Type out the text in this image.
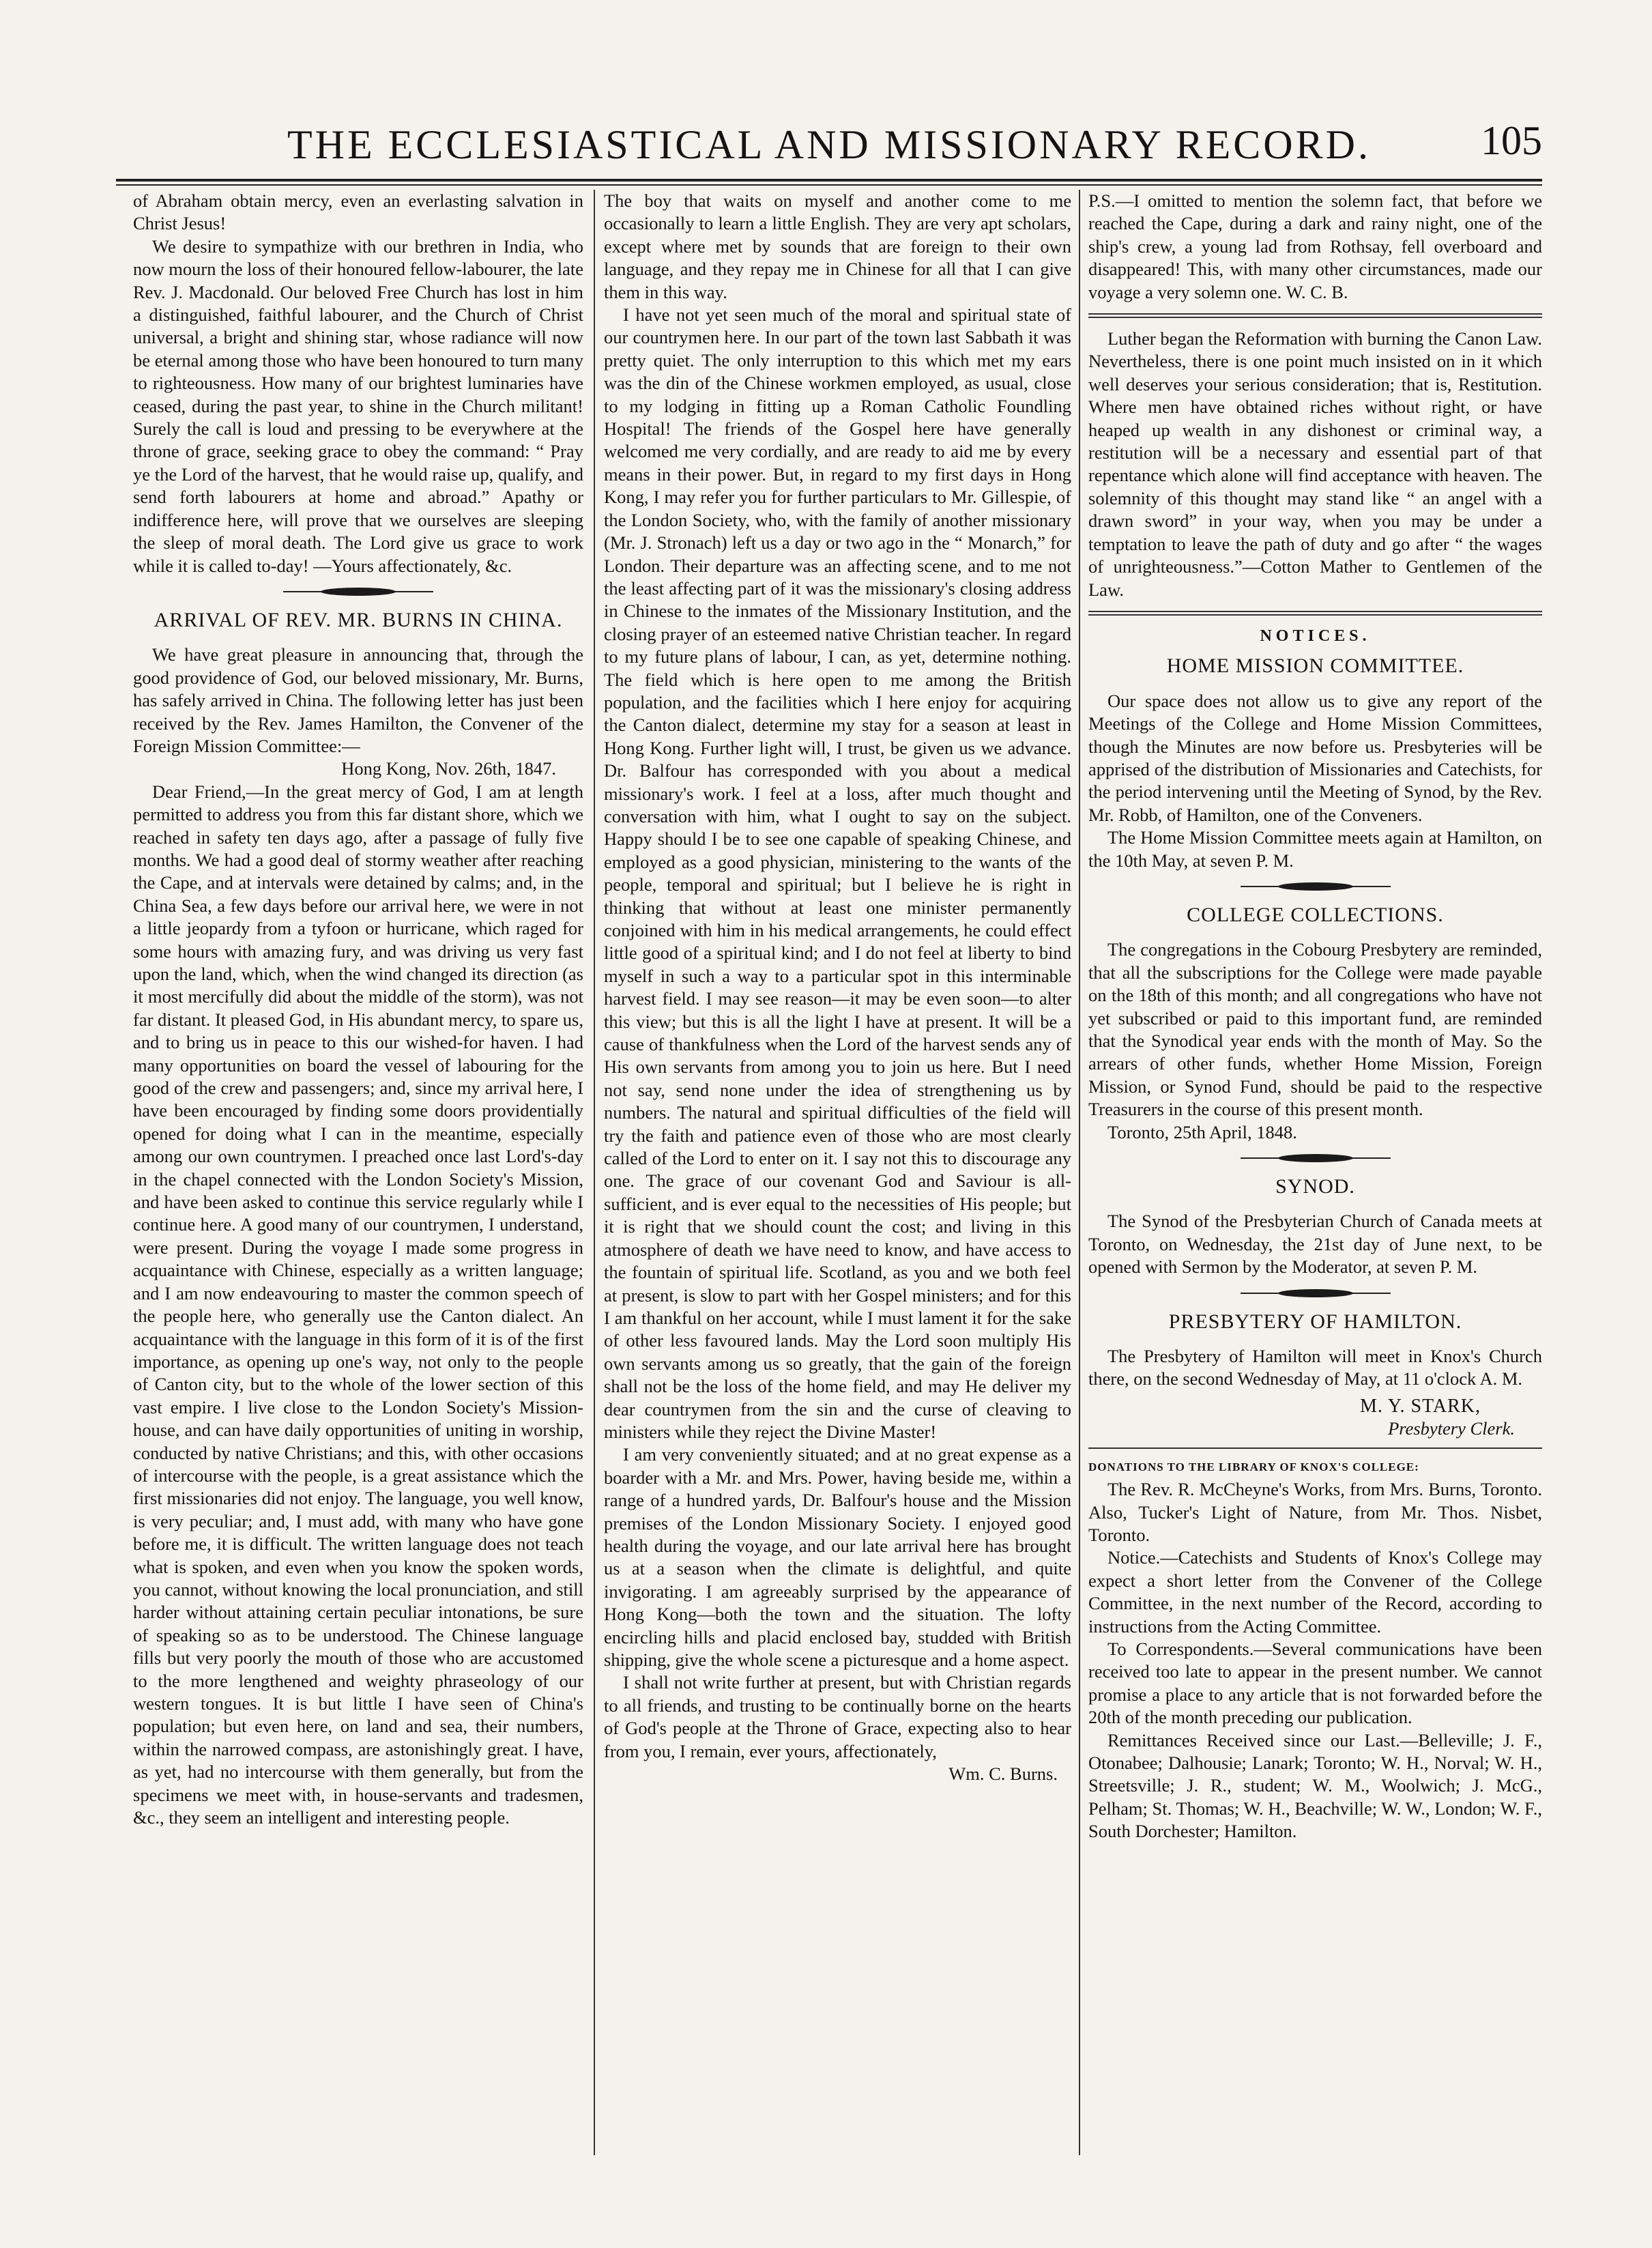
THE ECCLESIASTICAL AND MISSIONARY RECORD.	105

of Abraham obtain mercy, even an everlasting salvation in Christ Jesus!

We desire to sympathize with our brethren in India, who now mourn the loss of their honoured fellow-labourer, the late Rev. J. Macdonald. Our beloved Free Church has lost in him a distinguished, faithful labourer, and the Church of Christ universal, a bright and shining star, whose radiance will now be eternal among those who have been honoured to turn many to righteousness. How many of our brightest luminaries have ceased, during the past year, to shine in the Church militant! Surely the call is loud and pressing to be everywhere at the throne of grace, seeking grace to obey the command: “ Pray ye the Lord of the harvest, that he would raise up, qualify, and send forth labourers at home and abroad.” Apathy or indifference here, will prove that we ourselves are sleeping the sleep of moral death. The Lord give us grace to work while it is called to-day! —Yours affectionately, &c.

ARRIVAL OF REV. MR. BURNS IN CHINA.

We have great pleasure in announcing that, through the good providence of God, our beloved missionary, Mr. Burns, has safely arrived in China. The following letter has just been received by the Rev. James Hamilton, the Convener of the Foreign Mission Committee:—

Hong Kong, Nov. 26th, 1847.

Dear Friend,—In the great mercy of God, I am at length permitted to address you from this far distant shore, which we reached in safety ten days ago, after a passage of fully five months. We had a good deal of stormy weather after reaching the Cape, and at intervals were detained by calms; and, in the China Sea, a few days before our arrival here, we were in not a little jeopardy from a tyfoon or hurricane, which raged for some hours with amazing fury, and was driving us very fast upon the land, which, when the wind changed its direction (as it most mercifully did about the middle of the storm), was not far distant. It pleased God, in His abundant mercy, to spare us, and to bring us in peace to this our wished-for haven. I had many opportunities on board the vessel of labouring for the good of the crew and passengers; and, since my arrival here, I have been encouraged by finding some doors providentially opened for doing what I can in the meantime, especially among our own countrymen. I preached once last Lord's-day in the chapel connected with the London Society's Mission, and have been asked to continue this service regularly while I continue here. A good many of our countrymen, I understand, were present. During the voyage I made some progress in acquaintance with Chinese, especially as a written language; and I am now endeavouring to master the common speech of the people here, who generally use the Canton dialect. An acquaintance with the language in this form of it is of the first importance, as opening up one's way, not only to the people of Canton city, but to the whole of the lower section of this vast empire. I live close to the London Society's Mission-house, and can have daily opportunities of uniting in worship, conducted by native Christians; and this, with other occasions of intercourse with the people, is a great assistance which the first missionaries did not enjoy. The language, you well know, is very peculiar; and, I must add, with many who have gone before me, it is difficult. The written language does not teach what is spoken, and even when you know the spoken words, you cannot, without knowing the local pronunciation, and still harder without attaining certain peculiar intonations, be sure of speaking so as to be understood. The Chinese language fills but very poorly the mouth of those who are accustomed to the more lengthened and weighty phraseology of our western tongues. It is but little I have seen of China's population; but even here, on land and sea, their numbers, within the narrowed compass, are astonishingly great. I have, as yet, had no intercourse with them generally, but from the specimens we meet with, in house-servants and tradesmen, &c., they seem an intelligent and interesting people.

The boy that waits on myself and another come to me occasionally to learn a little English. They are very apt scholars, except where met by sounds that are foreign to their own language, and they repay me in Chinese for all that I can give them in this way.

I have not yet seen much of the moral and spiritual state of our countrymen here. In our part of the town last Sabbath it was pretty quiet. The only interruption to this which met my ears was the din of the Chinese workmen employed, as usual, close to my lodging in fitting up a Roman Catholic Foundling Hospital! The friends of the Gospel here have generally welcomed me very cordially, and are ready to aid me by every means in their power. But, in regard to my first days in Hong Kong, I may refer you for further particulars to Mr. Gillespie, of the London Society, who, with the family of another missionary (Mr. J. Stronach) left us a day or two ago in the “ Monarch,” for London. Their departure was an affecting scene, and to me not the least affecting part of it was the missionary's closing address in Chinese to the inmates of the Missionary Institution, and the closing prayer of an esteemed native Christian teacher. In regard to my future plans of labour, I can, as yet, determine nothing. The field which is here open to me among the British population, and the facilities which I here enjoy for acquiring the Canton dialect, determine my stay for a season at least in Hong Kong. Further light will, I trust, be given us we advance. Dr. Balfour has corresponded with you about a medical missionary's work. I feel at a loss, after much thought and conversation with him, what I ought to say on the subject. Happy should I be to see one capable of speaking Chinese, and employed as a good physician, ministering to the wants of the people, temporal and spiritual; but I believe he is right in thinking that without at least one minister permanently conjoined with him in his medical arrangements, he could effect little good of a spiritual kind; and I do not feel at liberty to bind myself in such a way to a particular spot in this interminable harvest field. I may see reason—it may be even soon—to alter this view; but this is all the light I have at present. It will be a cause of thankfulness when the Lord of the harvest sends any of His own servants from among you to join us here. But I need not say, send none under the idea of strengthening us by numbers. The natural and spiritual difficulties of the field will try the faith and patience even of those who are most clearly called of the Lord to enter on it. I say not this to discourage any one. The grace of our covenant God and Saviour is all-sufficient, and is ever equal to the necessities of His people; but it is right that we should count the cost; and living in this atmosphere of death we have need to know, and have access to the fountain of spiritual life. Scotland, as you and we both feel at present, is slow to part with her Gospel ministers; and for this I am thankful on her account, while I must lament it for the sake of other less favoured lands. May the Lord soon multiply His own servants among us so greatly, that the gain of the foreign shall not be the loss of the home field, and may He deliver my dear countrymen from the sin and the curse of cleaving to ministers while they reject the Divine Master!

I am very conveniently situated; and at no great expense as a boarder with a Mr. and Mrs. Power, having beside me, within a range of a hundred yards, Dr. Balfour's house and the Mission premises of the London Missionary Society. I enjoyed good health during the voyage, and our late arrival here has brought us at a season when the climate is delightful, and quite invigorating. I am agreeably surprised by the appearance of Hong Kong—both the town and the situation. The lofty encircling hills and placid enclosed bay, studded with British shipping, give the whole scene a picturesque and a home aspect.

I shall not write further at present, but with Christian regards to all friends, and trusting to be continually borne on the hearts of God's people at the Throne of Grace, expecting also to hear from you, I remain, ever yours, affectionately,

Wm. C. Burns.

P.S.—I omitted to mention the solemn fact, that before we reached the Cape, during a dark and rainy night, one of the ship's crew, a young lad from Rothsay, fell overboard and disappeared! This, with many other circumstances, made our voyage a very solemn one. W. C. B.

Luther began the Reformation with burning the Canon Law. Nevertheless, there is one point much insisted on in it which well deserves your serious consideration; that is, Restitution. Where men have obtained riches without right, or have heaped up wealth in any dishonest or criminal way, a restitution will be a necessary and essential part of that repentance which alone will find acceptance with heaven. The solemnity of this thought may stand like “ an angel with a drawn sword” in your way, when you may be under a temptation to leave the path of duty and go after “ the wages of unrighteousness.”—Cotton Mather to Gentlemen of the Law.

NOTICES.
HOME MISSION COMMITTEE.

Our space does not allow us to give any report of the Meetings of the College and Home Mission Committees, though the Minutes are now before us. Presbyteries will be apprised of the distribution of Missionaries and Catechists, for the period intervening until the Meeting of Synod, by the Rev. Mr. Robb, of Hamilton, one of the Conveners.

The Home Mission Committee meets again at Hamilton, on the 10th May, at seven P. M.

COLLEGE COLLECTIONS.

The congregations in the Cobourg Presbytery are reminded, that all the subscriptions for the College were made payable on the 18th of this month; and all congregations who have not yet subscribed or paid to this important fund, are reminded that the Synodical year ends with the month of May. So the arrears of other funds, whether Home Mission, Foreign Mission, or Synod Fund, should be paid to the respective Treasurers in the course of this present month.

Toronto, 25th April, 1848.

SYNOD.

The Synod of the Presbyterian Church of Canada meets at Toronto, on Wednesday, the 21st day of June next, to be opened with Sermon by the Moderator, at seven P. M.

PRESBYTERY OF HAMILTON.

The Presbytery of Hamilton will meet in Knox's Church there, on the second Wednesday of May, at 11 o'clock A. M.

M. Y. STARK,

Presbytery Clerk.

DONATIONS TO THE LIBRARY OF KNOX'S COLLEGE:

The Rev. R. McCheyne's Works, from Mrs. Burns, Toronto. Also, Tucker's Light of Nature, from Mr. Thos. Nisbet, Toronto.

Notice.—Catechists and Students of Knox's College may expect a short letter from the Convener of the College Committee, in the next number of the Record, according to instructions from the Acting Committee.

To Correspondents.—Several communications have been received too late to appear in the present number. We cannot promise a place to any article that is not forwarded before the 20th of the month preceding our publication.

Remittances Received since our Last.—Belleville; J. F., Otonabee; Dalhousie; Lanark; Toronto; W. H., Norval; W. H., Streetsville; J. R., student; W. M., Woolwich; J. McG., Pelham; St. Thomas; W. H., Beachville; W. W., London; W. F., South Dorchester; Hamilton.
